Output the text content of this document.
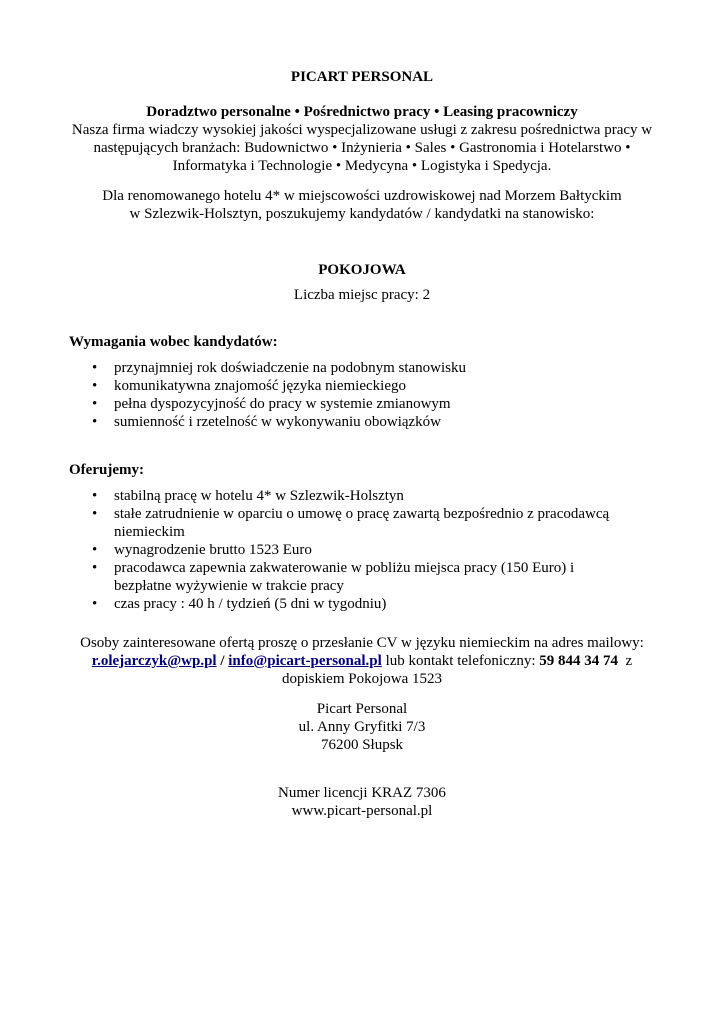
PICART PERSONAL
Doradztwo personalne • Pośrednictwo pracy • Leasing pracowniczy
Nasza firma wiadczy wysokiej jakości wyspecjalizowane usługi z zakresu pośrednictwa pracy w
następujących branżach: Budownictwo • Inżynieria • Sales • Gastronomia i Hotelarstwo •
Informatyka i Technologie • Medycyna • Logistyka i Spedycja.
Dla renomowanego hotelu 4* w miejscowości uzdrowiskowej nad Morzem Bałtyckim
w Szlezwik-Holsztyn, poszukujemy kandydatów / kandydatki na stanowisko:
POKOJOWA
Liczba miejsc pracy: 2
Wymagania wobec kandydatów:
• przynajmniej rok doświadczenie na podobnym stanowisku
• komunikatywna znajomość języka niemieckiego
• pełna dyspozycyjność do pracy w systemie zmianowym
• sumienność i rzetelność w wykonywaniu obowiązków
Oferujemy:
• stabilną pracę w hotelu 4* w Szlezwik-Holsztyn
• stałe zatrudnienie w oparciu o umowę o pracę zawartą bezpośrednio z pracodawcą niemieckim
• wynagrodzenie brutto 1523 Euro
• pracodawca zapewnia zakwaterowanie w pobliżu miejsca pracy (150 Euro) i bezpłatne wyżywienie w trakcie pracy
• czas pracy : 40 h / tydzień (5 dni w tygodniu)
Osoby zainteresowane ofertą proszę o przesłanie CV w języku niemieckim na adres mailowy:
r.olejarczyk@wp.pl / info@picart-personal.pl lub kontakt telefoniczny: 59 844 34 74 z
dopiskiem Pokojowa 1523
Picart Personal
ul. Anny Gryfitki 7/3
76200 Słupsk
Numer licencji KRAZ 7306
www.picart-personal.pl
